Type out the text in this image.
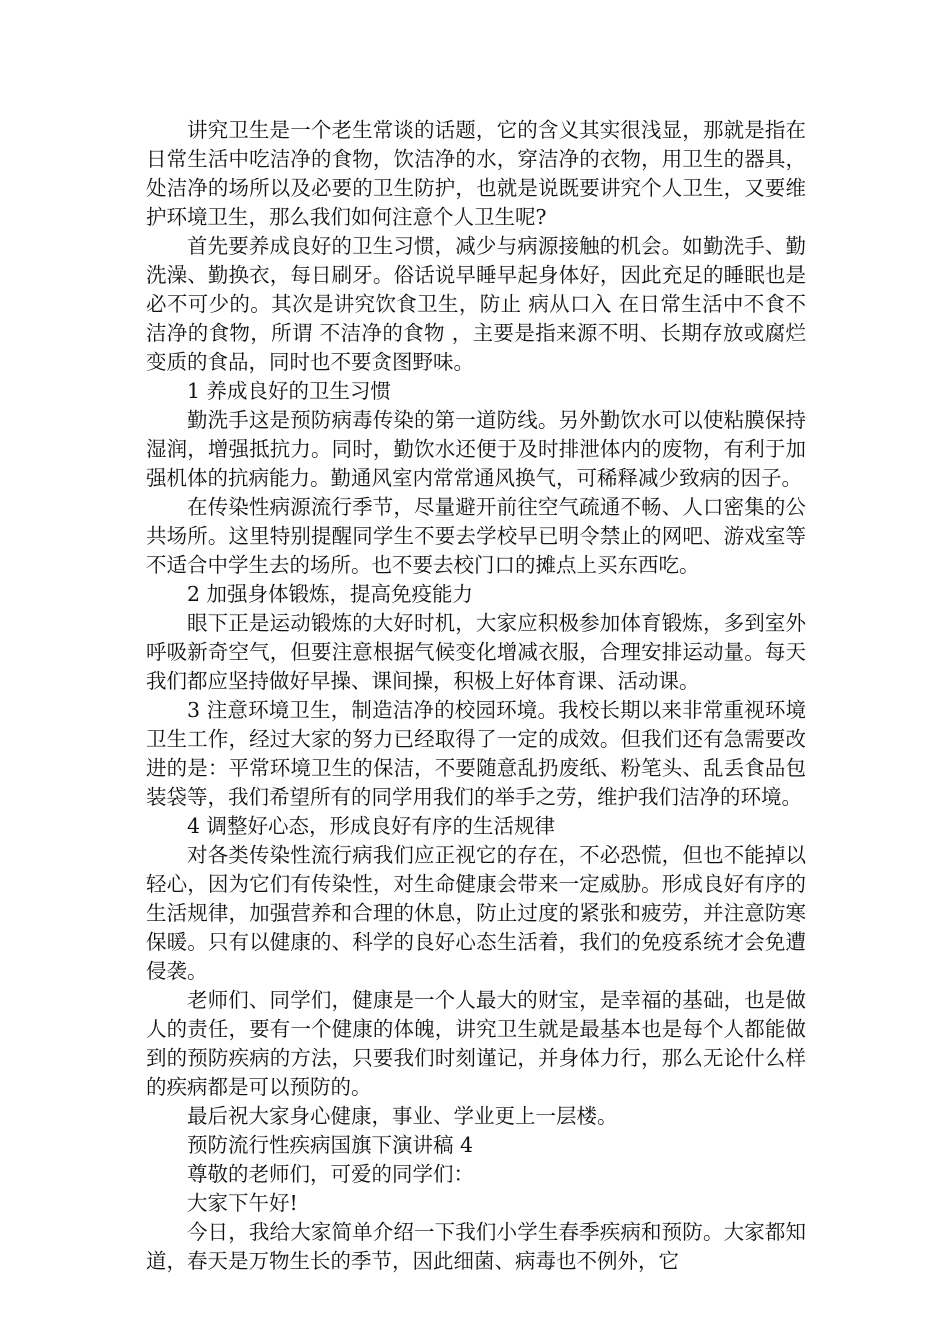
讲究卫生是一个老生常谈的话题，它的含义其实很浅显，那就是指在日常生活中吃洁净的食物，饮洁净的水，穿洁净的衣物，用卫生的器具，处洁净的场所以及必要的卫生防护，也就是说既要讲究个人卫生，又要维护环境卫生，那么我们如何注意个人卫生呢?

首先要养成良好的卫生习惯，减少与病源接触的机会。如勤洗手、勤洗澡、勤换衣，每日刷牙。俗话说早睡早起身体好，因此充足的睡眠也是必不可少的。其次是讲究饮食卫生，防止 病从口入 在日常生活中不食不洁净的食物，所谓 不洁净的食物 ，主要是指来源不明、长期存放或腐烂变质的食品，同时也不要贪图野味。

1 养成良好的卫生习惯

勤洗手这是预防病毒传染的第一道防线。另外勤饮水可以使粘膜保持湿润，增强抵抗力。同时，勤饮水还便于及时排泄体内的废物，有利于加强机体的抗病能力。勤通风室内常常通风换气，可稀释减少致病的因子。

在传染性病源流行季节，尽量避开前往空气疏通不畅、人口密集的公共场所。这里特别提醒同学生不要去学校早已明令禁止的网吧、游戏室等不适合中学生去的场所。也不要去校门口的摊点上买东西吃。

2 加强身体锻炼，提高免疫能力

眼下正是运动锻炼的大好时机，大家应积极参加体育锻炼，多到室外呼吸新奇空气，但要注意根据气候变化增减衣服，合理安排运动量。每天我们都应坚持做好早操、课间操，积极上好体育课、活动课。

3 注意环境卫生，制造洁净的校园环境。我校长期以来非常重视环境卫生工作，经过大家的努力已经取得了一定的成效。但我们还有急需要改进的是：平常环境卫生的保洁，不要随意乱扔废纸、粉笔头、乱丢食品包装袋等，我们希望所有的同学用我们的举手之劳，维护我们洁净的环境。

4 调整好心态，形成良好有序的生活规律

对各类传染性流行病我们应正视它的存在，不必恐慌，但也不能掉以轻心，因为它们有传染性，对生命健康会带来一定威胁。形成良好有序的生活规律，加强营养和合理的休息，防止过度的紧张和疲劳，并注意防寒保暖。只有以健康的、科学的良好心态生活着，我们的免疫系统才会免遭侵袭。

老师们、同学们，健康是一个人最大的财宝，是幸福的基础，也是做人的责任，要有一个健康的体魄，讲究卫生就是最基本也是每个人都能做到的预防疾病的方法，只要我们时刻谨记，并身体力行，那么无论什么样的疾病都是可以预防的。

最后祝大家身心健康，事业、学业更上一层楼。

预防流行性疾病国旗下演讲稿 4

尊敬的老师们，可爱的同学们：

大家下午好!

今日，我给大家简单介绍一下我们小学生春季疾病和预防。大家都知道，春天是万物生长的季节，因此细菌、病毒也不例外，它
